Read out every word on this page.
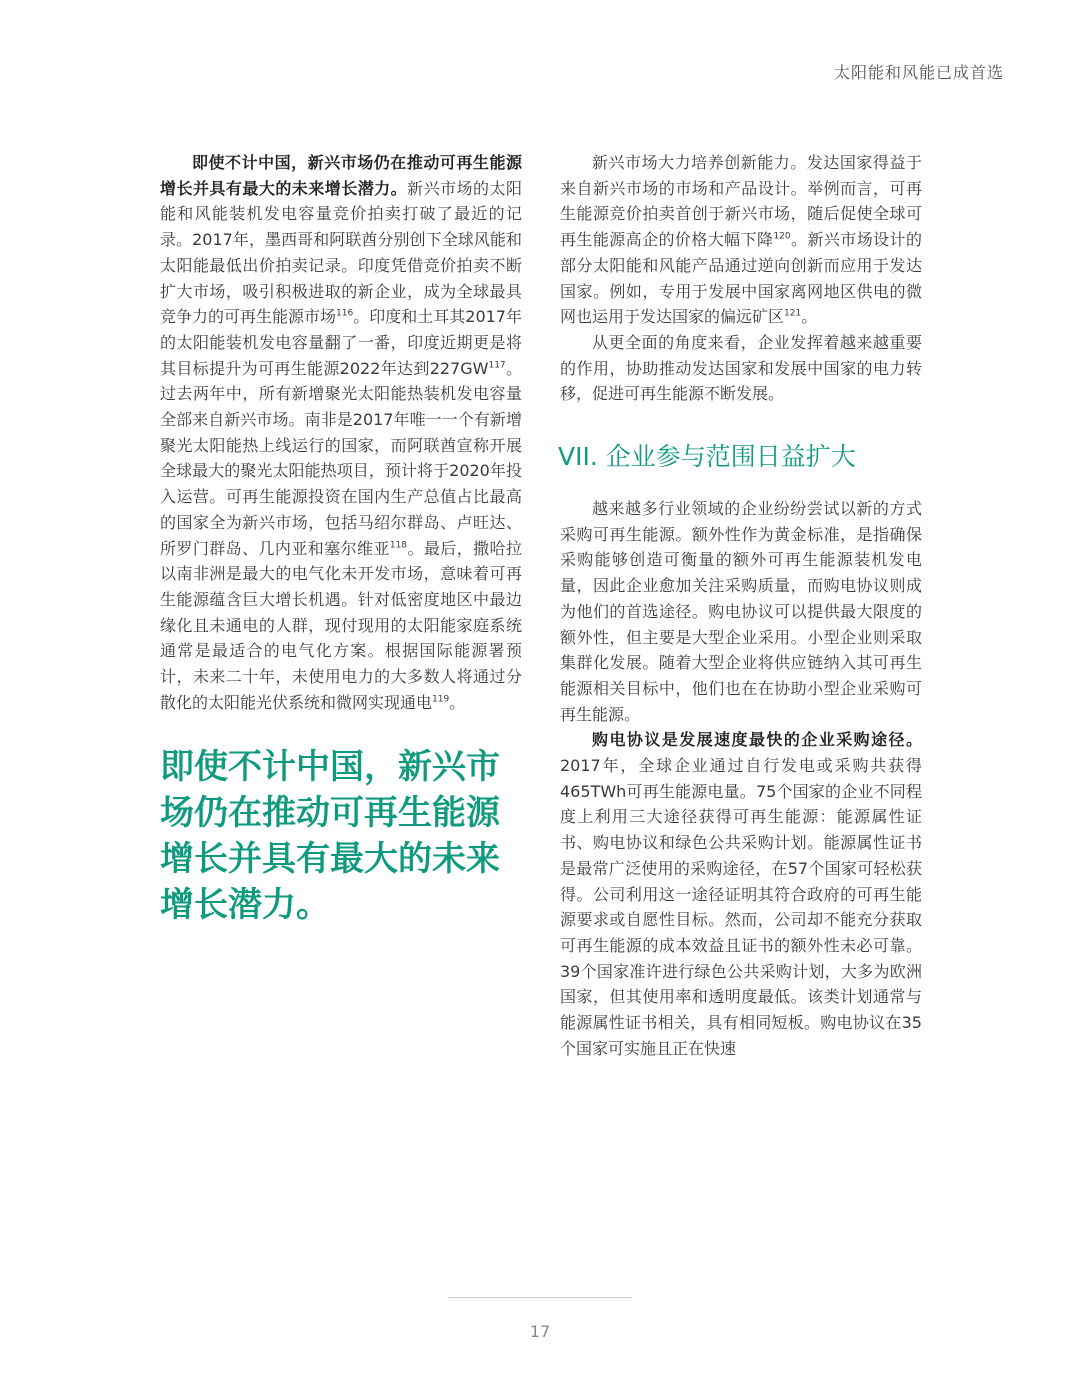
太阳能和风能已成首选

即使不计中国，新兴市场仍在推动可再生能源增长并具有最大的未来增长潜力。新兴市场的太阳能和风能装机发电容量竞价拍卖打破了最近的记录。2017年，墨西哥和阿联酋分别创下全球风能和太阳能最低出价拍卖记录。印度凭借竞价拍卖不断扩大市场，吸引积极进取的新企业，成为全球最具竞争力的可再生能源市场$^{116}$。印度和土耳其2017年的太阳能装机发电容量翻了一番，印度近期更是将其目标提升为可再生能源2022年达到227GW$^{117}$。过去两年中，所有新增聚光太阳能热装机发电容量全部来自新兴市场。南非是2017年唯一一个有新增聚光太阳能热上线运行的国家，而阿联酋宣称开展全球最大的聚光太阳能热项目，预计将于2020年投入运营。可再生能源投资在国内生产总值占比最高的国家全为新兴市场，包括马绍尔群岛、卢旺达、所罗门群岛、几内亚和塞尔维亚$^{118}$。最后，撒哈拉以南非洲是最大的电气化未开发市场，意味着可再生能源蕴含巨大增长机遇。针对低密度地区中最边缘化且未通电的人群，现付现用的太阳能家庭系统通常是最适合的电气化方案。根据国际能源署预计，未来二十年，未使用电力的大多数人将通过分散化的太阳能光伏系统和微网实现通电$^{119}$。

即使不计中国，新兴市场仍在推动可再生能源增长并具有最大的未来增长潜力。

新兴市场大力培养创新能力。发达国家得益于来自新兴市场的市场和产品设计。举例而言，可再生能源竞价拍卖首创于新兴市场，随后促使全球可再生能源高企的价格大幅下降$^{120}$。新兴市场设计的部分太阳能和风能产品通过逆向创新而应用于发达国家。例如，专用于发展中国家离网地区供电的微网也运用于发达国家的偏远矿区$^{121}$。

从更全面的角度来看，企业发挥着越来越重要的作用，协助推动发达国家和发展中国家的电力转移，促进可再生能源不断发展。

VII. 企业参与范围日益扩大

越来越多行业领域的企业纷纷尝试以新的方式采购可再生能源。额外性作为黄金标准，是指确保采购能够创造可衡量的额外可再生能源装机发电量，因此企业愈加关注采购质量，而购电协议则成为他们的首选途径。购电协议可以提供最大限度的额外性，但主要是大型企业采用。小型企业则采取集群化发展。随着大型企业将供应链纳入其可再生能源相关目标中，他们也在在协助小型企业采购可再生能源。

购电协议是发展速度最快的企业采购途径。2017年，全球企业通过自行发电或采购共获得465TWh可再生能源电量。75个国家的企业不同程度上利用三大途径获得可再生能源：能源属性证书、购电协议和绿色公共采购计划。能源属性证书是最常广泛使用的采购途径，在57个国家可轻松获得。公司利用这一途径证明其符合政府的可再生能源要求或自愿性目标。然而，公司却不能充分获取可再生能源的成本效益且证书的额外性未必可靠。39个国家准许进行绿色公共采购计划，大多为欧洲国家，但其使用率和透明度最低。该类计划通常与能源属性证书相关，具有相同短板。购电协议在35个国家可实施且正在快速

17
